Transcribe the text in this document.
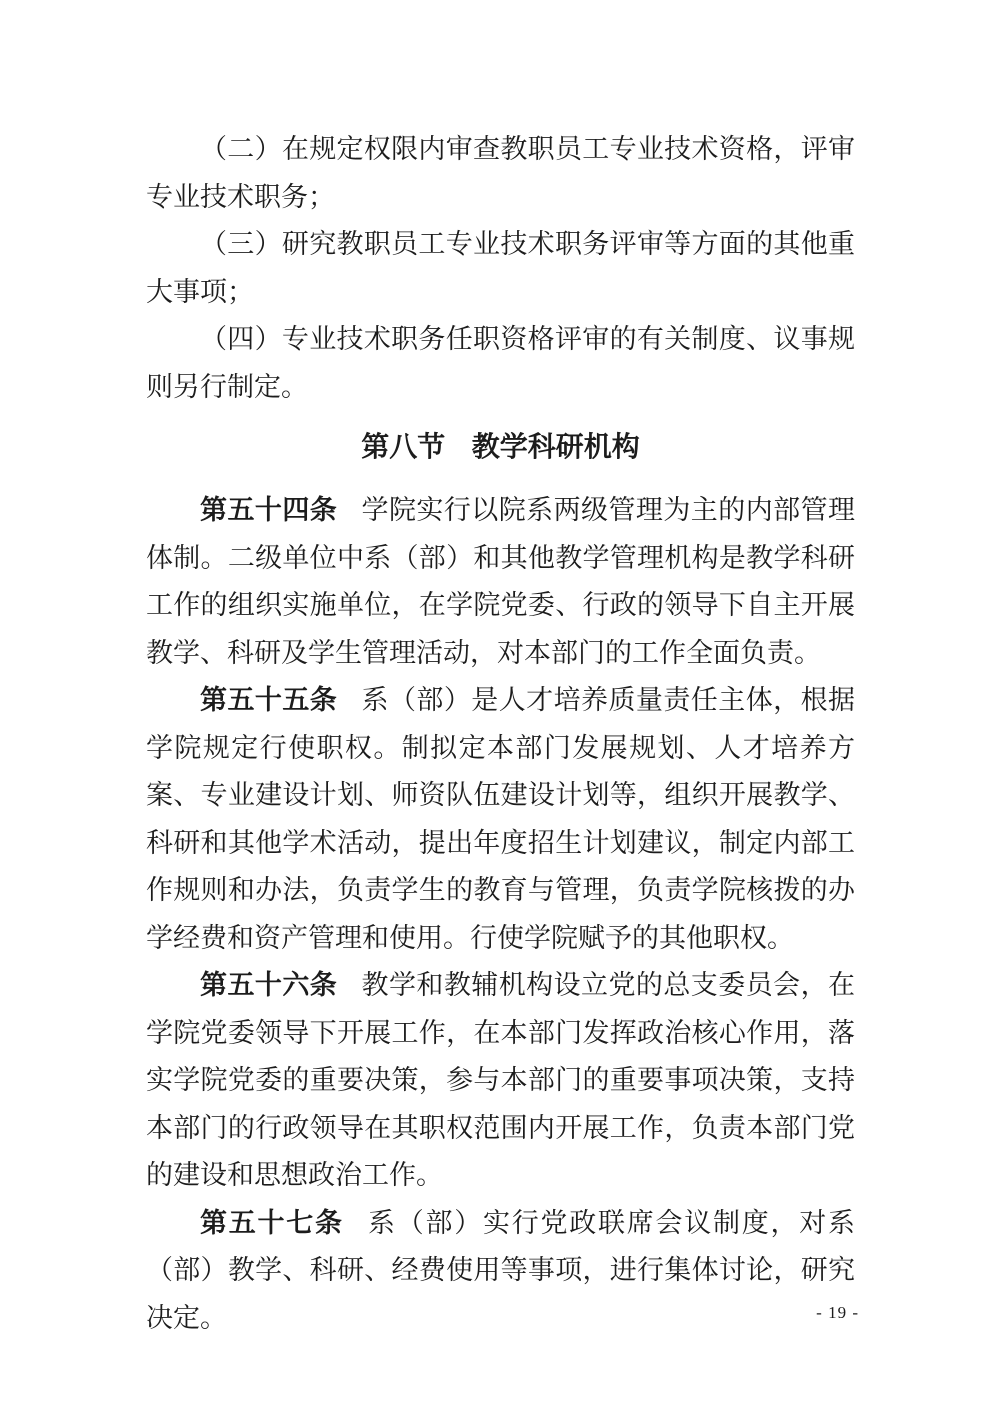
（二）在规定权限内审查教职员工专业技术资格，评审专业技术职务；

（三）研究教职员工专业技术职务评审等方面的其他重大事项；

（四）专业技术职务任职资格评审的有关制度、议事规则另行制定。

第八节 教学科研机构

第五十四条 学院实行以院系两级管理为主的内部管理体制。二级单位中系（部）和其他教学管理机构是教学科研工作的组织实施单位，在学院党委、行政的领导下自主开展教学、科研及学生管理活动，对本部门的工作全面负责。

第五十五条 系（部）是人才培养质量责任主体，根据学院规定行使职权。制拟定本部门发展规划、人才培养方案、专业建设计划、师资队伍建设计划等，组织开展教学、科研和其他学术活动，提出年度招生计划建议，制定内部工作规则和办法，负责学生的教育与管理，负责学院核拨的办学经费和资产管理和使用。行使学院赋予的其他职权。

第五十六条 教学和教辅机构设立党的总支委员会，在学院党委领导下开展工作，在本部门发挥政治核心作用，落实学院党委的重要决策，参与本部门的重要事项决策，支持本部门的行政领导在其职权范围内开展工作，负责本部门党的建设和思想政治工作。

第五十七条 系（部）实行党政联席会议制度，对系（部）教学、科研、经费使用等事项，进行集体讨论，研究决定。	- 19 -
